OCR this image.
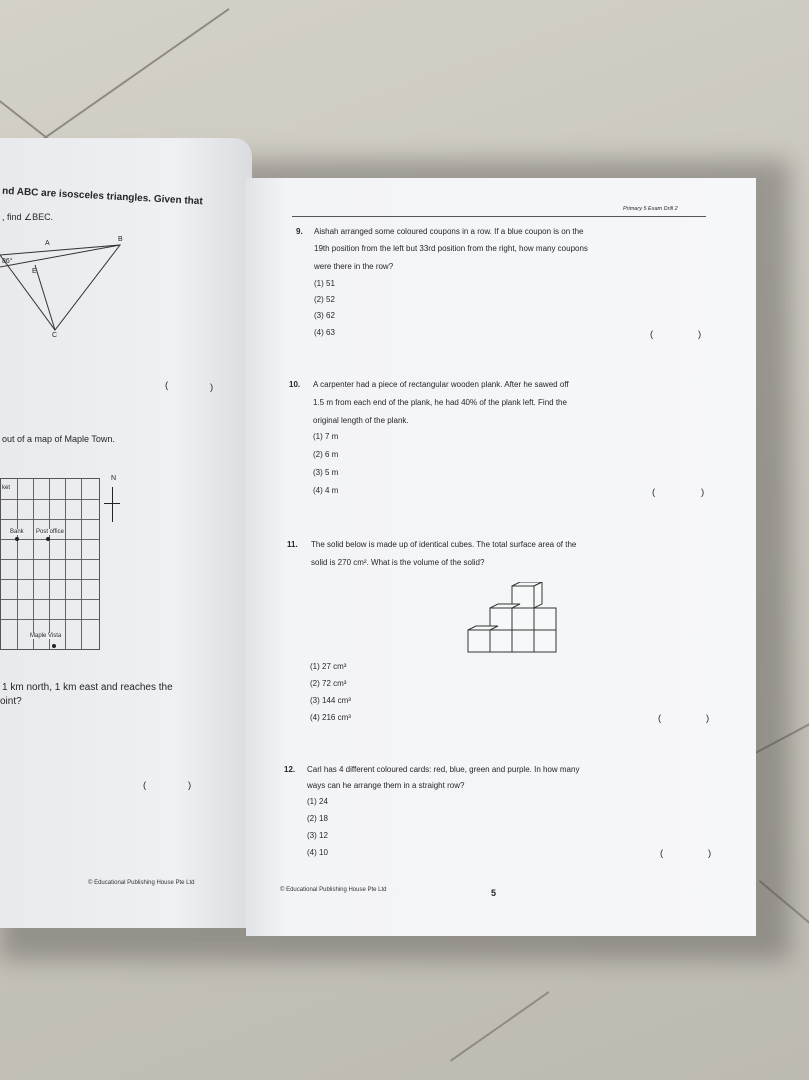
nd ABC are isosceles triangles. Given that
, find ∠BEC.
86°
A
B
E
C
(	)
out of a map of Maple Town.
ket
Bank Post office
Maple Vista
N
1 km north, 1 km east and reaches the
oint?
(	)
© Educational Publishing House Pte Ltd
Primary 5 Exam Drill 2
9. Aishah arranged some coloured coupons in a row. If a blue coupon is on the
19th position from the left but 33rd position from the right, how many coupons
were there in the row?
(1) 51
(2) 52
(3) 62
(4) 63	(	)
10. A carpenter had a piece of rectangular wooden plank. After he sawed off
1.5 m from each end of the plank, he had 40% of the plank left. Find the
original length of the plank.
(1) 7 m
(2) 6 m
(3) 5 m
(4) 4 m	(	)
11. The solid below is made up of identical cubes. The total surface area of the
solid is 270 cm². What is the volume of the solid?
(1) 27 cm³
(2) 72 cm³
(3) 144 cm³
(4) 216 cm³	(	)
12. Carl has 4 different coloured cards: red, blue, green and purple. In how many
ways can he arrange them in a straight row?
(1) 24
(2) 18
(3) 12
(4) 10	(	)
© Educational Publishing House Pte Ltd	5
